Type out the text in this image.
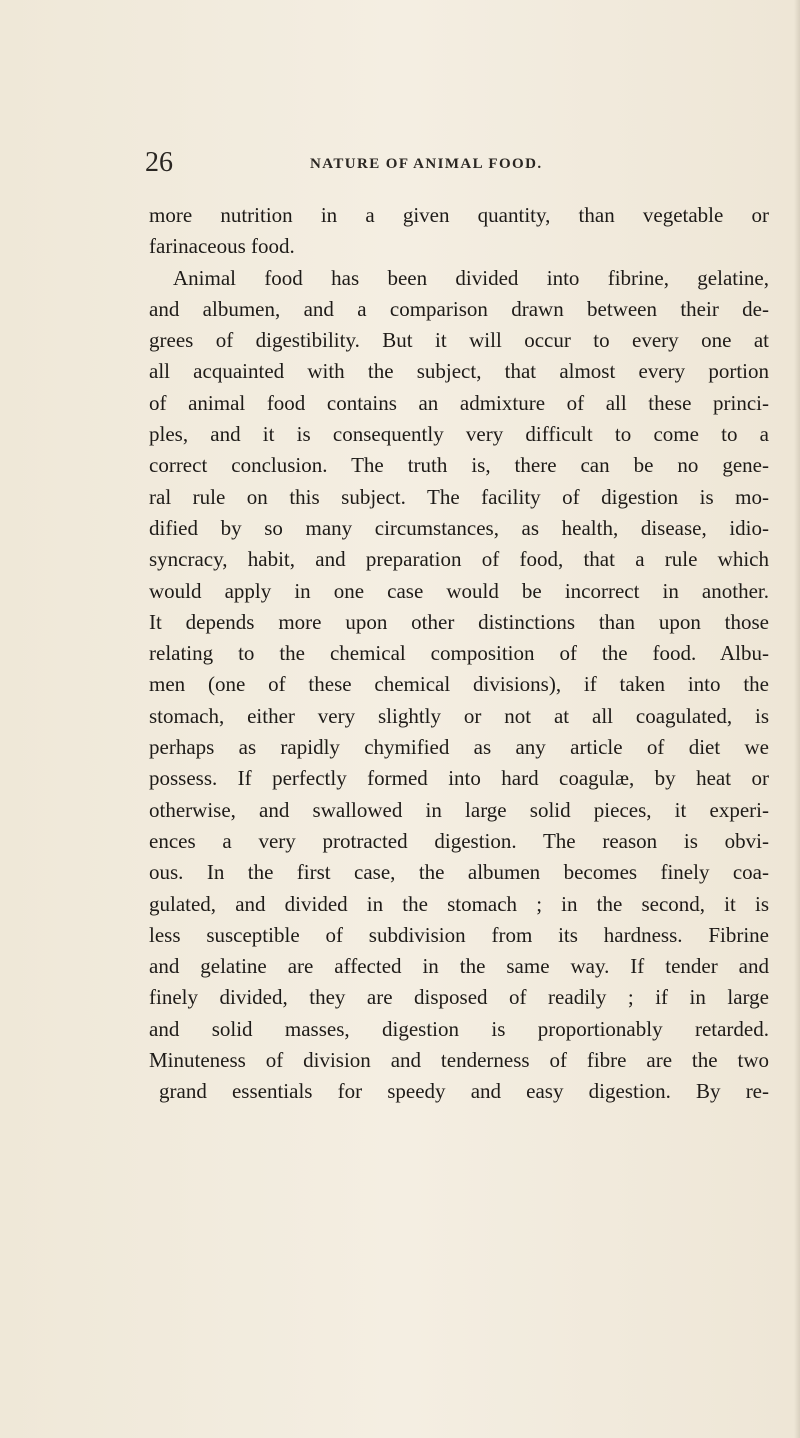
26	NATURE OF ANIMAL FOOD.
more nutrition in a given quantity, than vegetable or
farinaceous food.
Animal food has been divided into fibrine, gelatine,
and albumen, and a comparison drawn between their de-
grees of digestibility. But it will occur to every one at
all acquainted with the subject, that almost every portion
of animal food contains an admixture of all these princi-
ples, and it is consequently very difficult to come to a
correct conclusion. The truth is, there can be no gene-
ral rule on this subject. The facility of digestion is mo-
dified by so many circumstances, as health, disease, idio-
syncracy, habit, and preparation of food, that a rule which
would apply in one case would be incorrect in another.
It depends more upon other distinctions than upon those
relating to the chemical composition of the food. Albu-
men (one of these chemical divisions), if taken into the
stomach, either very slightly or not at all coagulated, is
perhaps as rapidly chymified as any article of diet we
possess. If perfectly formed into hard coagulæ, by heat or
otherwise, and swallowed in large solid pieces, it experi-
ences a very protracted digestion. The reason is obvi-
ous. In the first case, the albumen becomes finely coa-
gulated, and divided in the stomach ; in the second, it is
less susceptible of subdivision from its hardness. Fibrine
and gelatine are affected in the same way. If tender and
finely divided, they are disposed of readily ; if in large
and solid masses, digestion is proportionably retarded.
Minuteness of division and tenderness of fibre are the two
grand essentials for speedy and easy digestion. By re-
